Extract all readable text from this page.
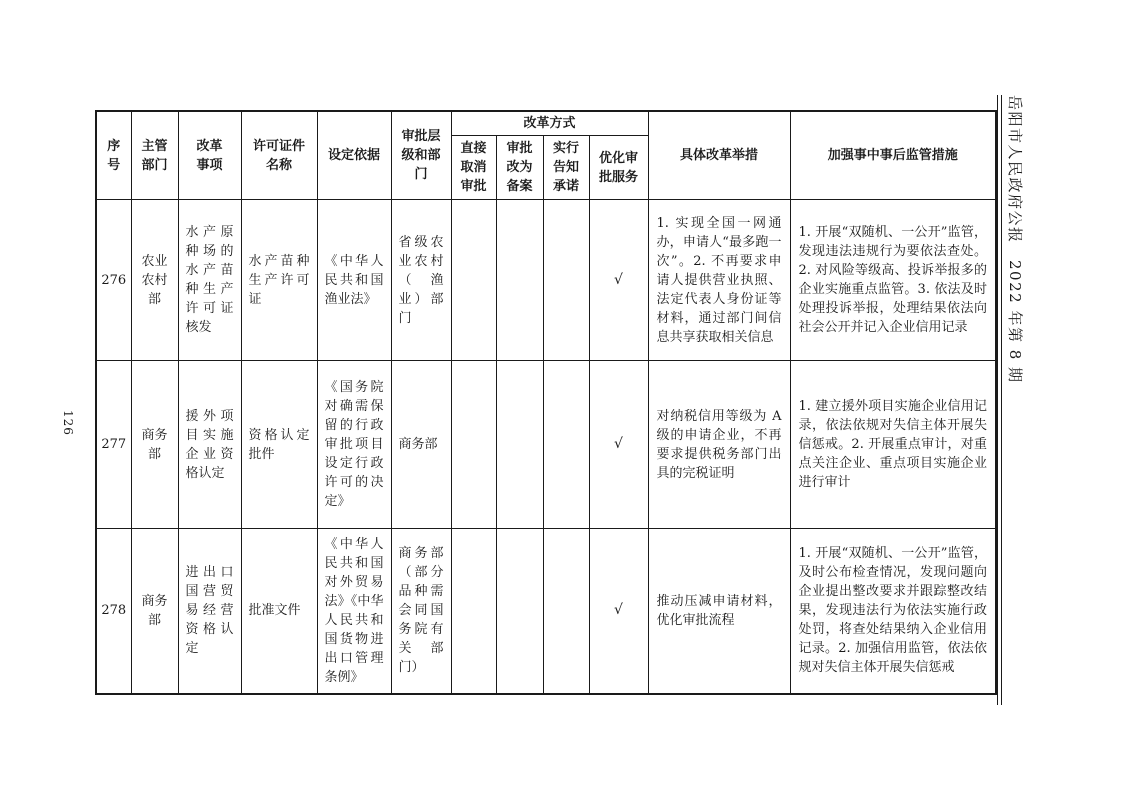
126
序号	主管部门	改革事项	许可证件名称	设定依据	审批层级和部门	改革方式				具体改革举措	加强事中事后监管措施
						直接取消审批	审批改为备案	实行告知承诺	优化审批服务		
276	农业农村部	水产原种场的水产苗种生产许可证核发	水产苗种生产许可证	《中华人民共和国渔业法》	省级农业农村（渔业）部门				√	1. 实现全国一网通办，申请人“最多跑一次”。2. 不再要求申请人提供营业执照、法定代表人身份证等材料，通过部门间信息共享获取相关信息	1. 开展“双随机、一公开”监管，发现违法违规行为要依法查处。2. 对风险等级高、投诉举报多的企业实施重点监管。3. 依法及时处理投诉举报，处理结果依法向社会公开并记入企业信用记录
277	商务部	援外项目实施企业资格认定	资格认定批件	《国务院对确需保留的行政审批项目设定行政许可的决定》	商务部				√	对纳税信用等级为 A 级的申请企业，不再要求提供税务部门出具的完税证明	1. 建立援外项目实施企业信用记录，依法依规对失信主体开展失信惩戒。2. 开展重点审计，对重点关注企业、重点项目实施企业进行审计
278	商务部	进出口国营贸易经营资格认定	批准文件	《中华人民共和国对外贸易法》《中华人民共和国货物进出口管理条例》	商务部（部分品种需会同国务院有关部门）				√	推动压减申请材料，优化审批流程	1. 开展“双随机、一公开”监管，及时公布检查情况，发现问题向企业提出整改要求并跟踪整改结果，发现违法行为依法实施行政处罚，将查处结果纳入企业信用记录。2. 加强信用监管，依法依规对失信主体开展失信惩戒
岳阳市人民政府公报　2022 年第 8 期
